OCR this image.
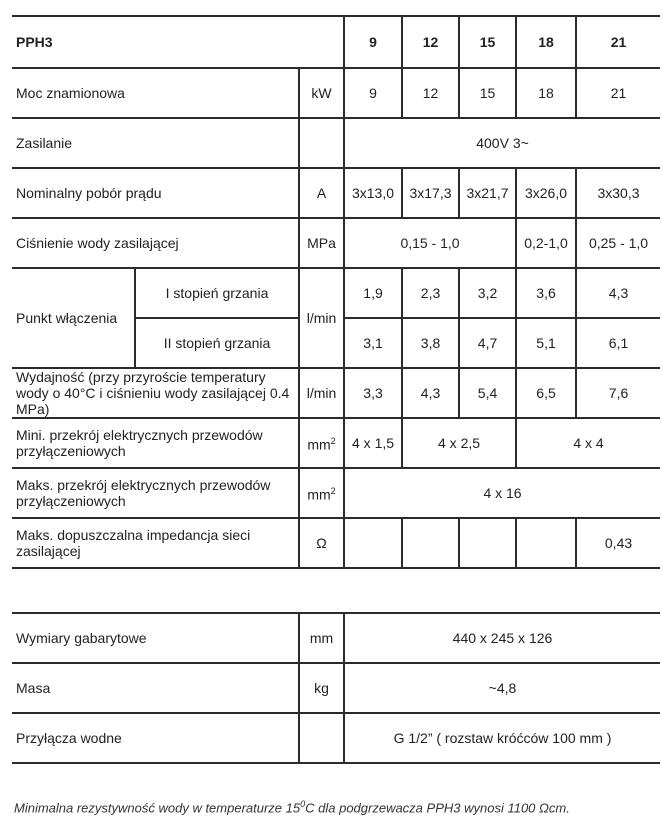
PPH3			9	12	15	18	21
Moc znamionowa		kW	9	12	15	18	21
Zasilanie			400V 3~				
Nominalny pobór prądu		A	3x13,0	3x17,3	3x21,7	3x26,0	3x30,3
Ciśnienie wody zasilającej		MPa	0,15 - 1,0			0,2-1,0	0,25 - 1,0
Punkt włączenia	I stopień grzania	l/min	1,9	2,3	3,2	3,6	4,3
	II stopień grzania		3,1	3,8	4,7	5,1	6,1
Wydajność (przy przyroście temperatury wody o 40°C i ciśnieniu wody zasilającej 0.4 MPa)		l/min	3,3	4,3	5,4	6,5	7,6
Mini. przekrój elektrycznych przewodów przyłączeniowych		$mm^2$	4 x 1,5	4 x 2,5		4 x 4	
Maks. przekrój elektrycznych przewodów przyłączeniowych		$mm^2$	4 x 16				
Maks. dopuszczalna impedancja sieci zasilającej		Ω					0,43
Wymiary gabarytowe	mm	440 x 245 x 126
Masa	kg	~4,8
Przyłącza wodne		G 1/2” ( rozstaw króćców 100 mm )
Minimalna rezystywność wody w temperaturze $15^0C$ dla podgrzewacza PPH3 wynosi 1100 Ωcm.
